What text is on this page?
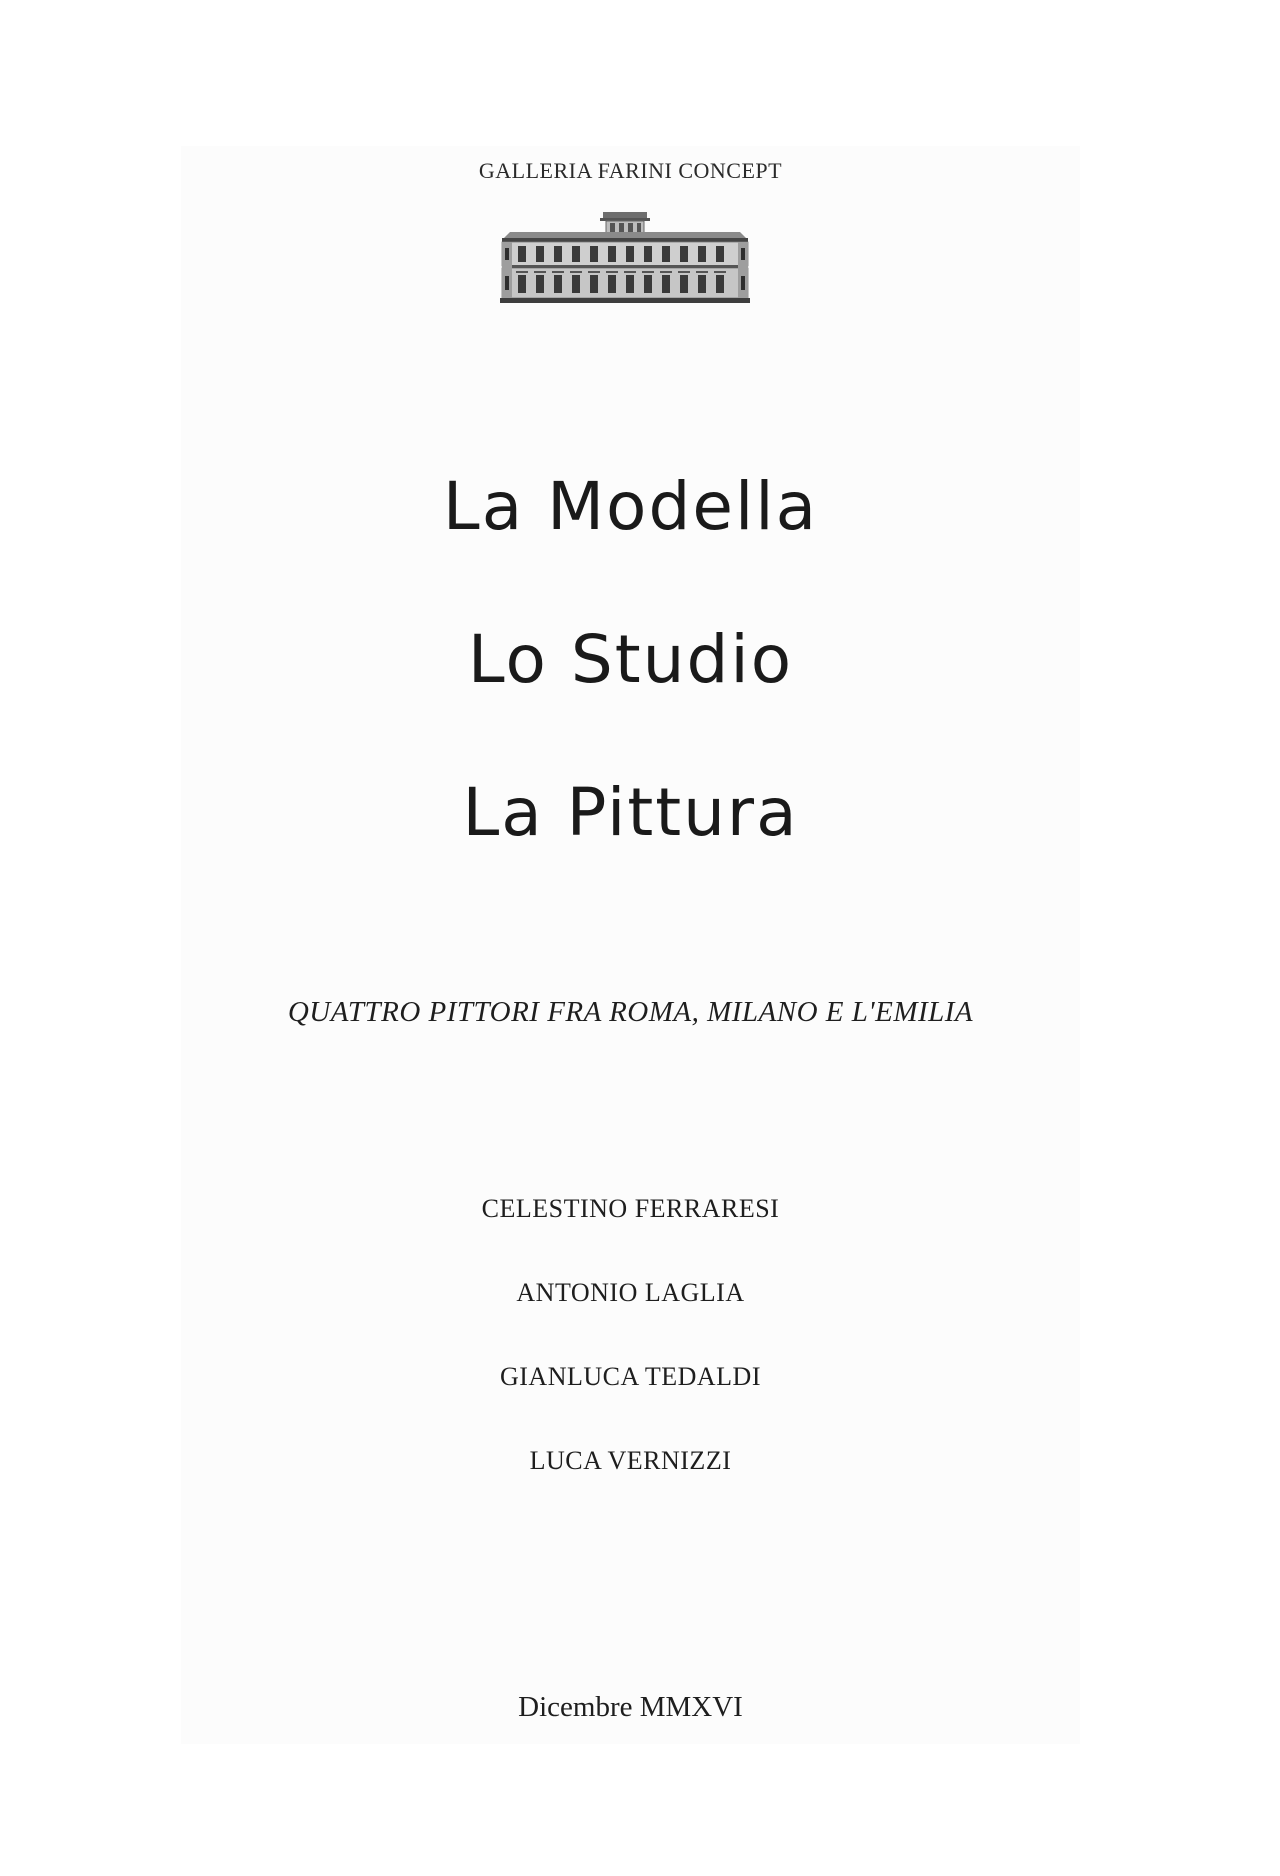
GALLERIA FARINI CONCEPT
La Modella
Lo Studio
La Pittura
QUATTRO PITTORI FRA ROMA, MILANO E L'EMILIA
CELESTINO FERRARESI
ANTONIO LAGLIA
GIANLUCA TEDALDI
LUCA VERNIZZI
Dicembre MMXVI
